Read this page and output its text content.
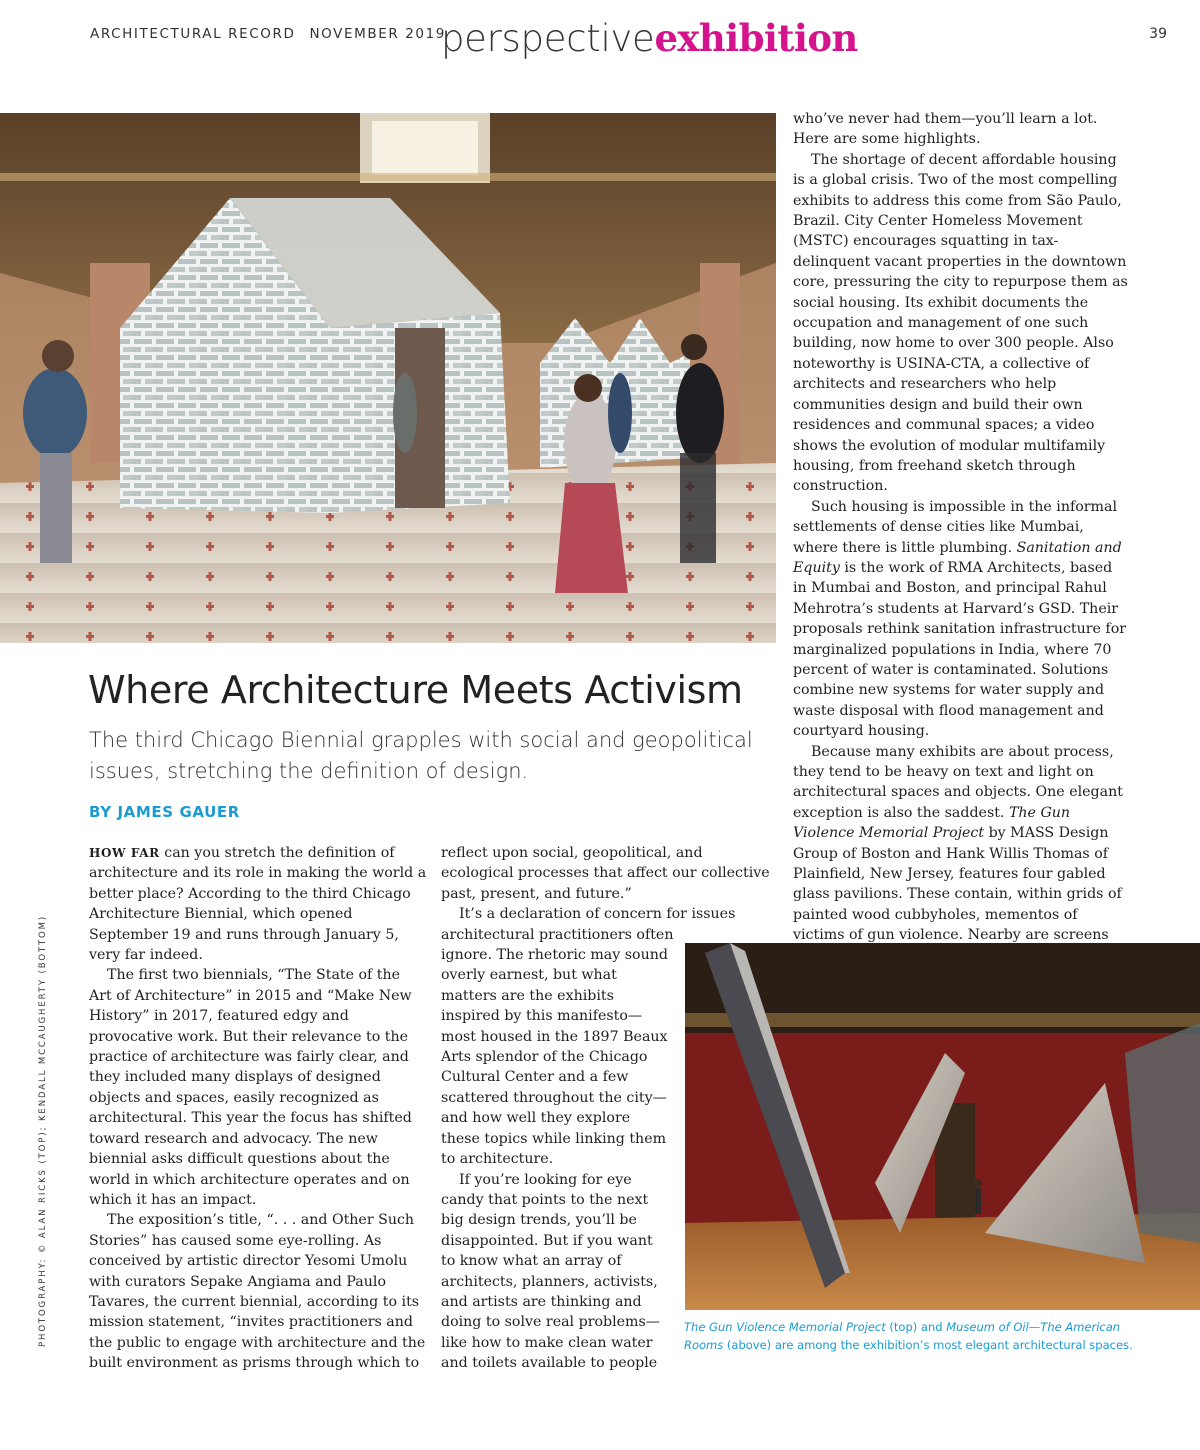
ARCHITECTURAL RECORD NOVEMBER 2019
perspectiveexhibition	39
PHOTOGRAPHY: © ALAN RICKS (TOP); KENDALL MCCAUGHERTY (BOTTOM)
Where Architecture Meets Activism
The third Chicago Biennial grapples with social and geopolitical issues, stretching the definition of design.
BY JAMES GAUER

HOW FAR can you stretch the definition of architecture and its role in making the world a better place? According to the third Chicago Architecture Biennial, which opened September 19 and runs through January 5, very far indeed.

The first two biennials, “The State of the Art of Architecture” in 2015 and “Make New History” in 2017, featured edgy and provocative work. But their relevance to the practice of architecture was fairly clear, and they included many displays of designed objects and spaces, easily recognized as architectural. This year the focus has shifted toward research and advocacy. The new biennial asks difficult questions about the world in which architecture operates and on which it has an impact.

The exposition’s title, “. . . and Other Such Stories” has caused some eye-rolling. As conceived by artistic director Yesomi Umolu with curators Sepake Angiama and Paulo Tavares, the current biennial, according to its mission statement, “invites practitioners and the public to engage with architecture and the built environment as prisms through which to

reflect upon social, geopolitical, and ecological processes that affect our collective past, present, and future.”

It’s a declaration of concern for issues architectural practitioners often

ignore. The rhetoric may sound overly earnest, but what matters are the exhibits inspired by this manifesto—most housed in the 1897 Beaux Arts splendor of the Chicago Cultural Center and a few scattered throughout the city—and how well they explore these topics while linking them to architecture.

If you’re looking for eye candy that points to the next big design trends, you’ll be disappointed. But if you want to know what an array of architects, planners, activists, and artists are thinking and doing to solve real problems—like how to make clean water and toilets available to people

who’ve never had them—you’ll learn a lot. Here are some highlights.

The shortage of decent affordable housing is a global crisis. Two of the most compelling exhibits to address this come from São Paulo, Brazil. City Center Homeless Movement (MSTC) encourages squatting in tax-delinquent vacant properties in the downtown core, pressuring the city to repurpose them as social housing. Its exhibit documents the occupation and management of one such building, now home to over 300 people. Also noteworthy is USINA-CTA, a collective of architects and researchers who help communities design and build their own residences and communal spaces; a video shows the evolution of modular multifamily housing, from freehand sketch through construction.

Such housing is impossible in the informal settlements of dense cities like Mumbai, where there is little plumbing. Sanitation and Equity is the work of RMA Architects, based in Mumbai and Boston, and principal Rahul Mehrotra’s students at Harvard’s GSD. Their proposals rethink sanitation infrastructure for marginalized populations in India, where 70 percent of water is contaminated. Solutions combine new systems for water supply and waste disposal with flood management and courtyard housing.

Because many exhibits are about process, they tend to be heavy on text and light on architectural spaces and objects. One elegant exception is also the saddest. The Gun Violence Memorial Project by MASS Design Group of Boston and Hank Willis Thomas of Plainfield, New Jersey, features four gabled glass pavilions. These contain, within grids of painted wood cubbyholes, mementos of victims of gun violence. Nearby are screens

The Gun Violence Memorial Project (top) and Museum of Oil—The American Rooms (above) are among the exhibition’s most elegant architectural spaces.
